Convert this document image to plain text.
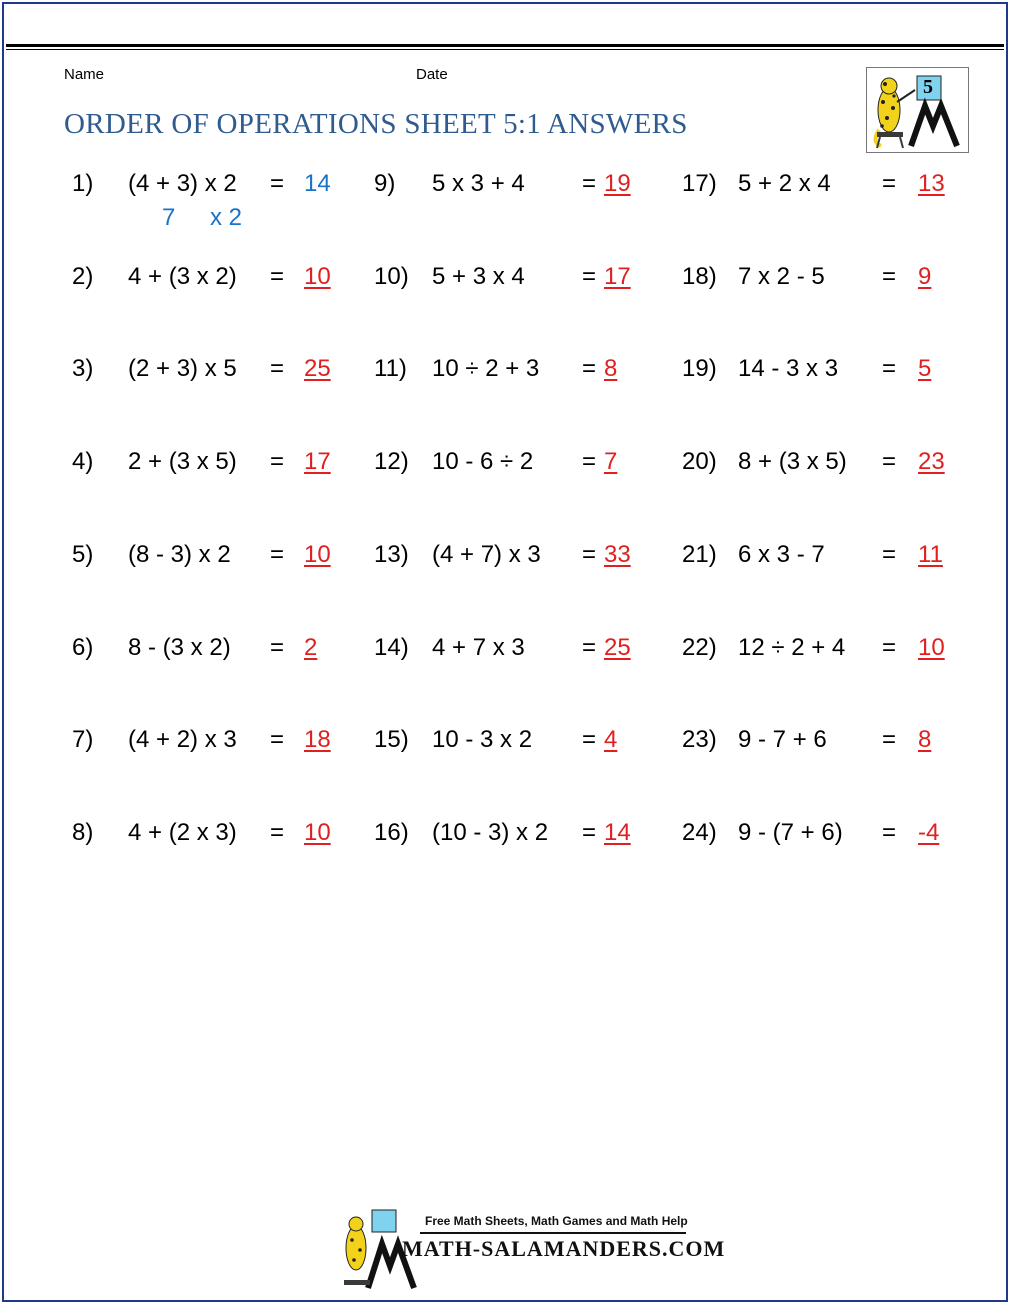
Name	Date
ORDER OF OPERATIONS SHEET 5:1 ANSWERS
5
1) (4 + 3) x 2 = 14
2) 4 + (3 x 2) = 10
3) (2 + 3) x 5 = 25
4) 2 + (3 x 5) = 17
5) (8 - 3) x 2 = 10
6) 8 - (3 x 2) = 2
7) (4 + 2) x 3 = 18
8) 4 + (2 x 3) = 10
9) 5 x 3 + 4 = 19
10) 5 + 3 x 4 = 17
11) 10 ÷ 2 + 3 = 8
12) 10 - 6 ÷ 2 = 7
13) (4 + 7) x 3 = 33
14) 4 + 7 x 3 = 25
15) 10 - 3 x 2 = 4
16) (10 - 3) x 2 = 14
17) 5 + 2 x 4 = 13
18) 7 x 2 - 5 = 9
19) 14 - 3 x 3 = 5
20) 8 + (3 x 5) = 23
21) 6 x 3 - 7 = 11
22) 12 ÷ 2 + 4 = 10
23) 9 - 7 + 6 = 8
24) 9 - (7 + 6) = -4
7 x 2
Free Math Sheets, Math Games and Math Help
MATH-SALAMANDERS.COM
